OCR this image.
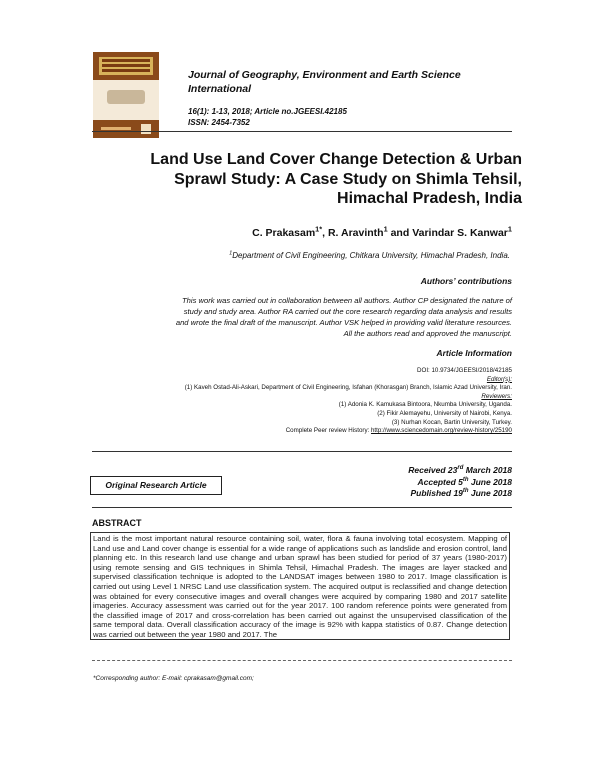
Journal of Geography, Environment and Earth Science International
16(1): 1-13, 2018; Article no.JGEESI.42185
ISSN: 2454-7352
Land Use Land Cover Change Detection & Urban
Sprawl Study: A Case Study on Shimla Tehsil,
Himachal Pradesh, India
C. Prakasam$^{1*}$, R. Aravinth$^1$ and Varindar S. Kanwar$^1$
$^1$Department of Civil Engineering, Chitkara University, Himachal Pradesh, India.
Authors’ contributions
This work was carried out in collaboration between all authors. Author CP designated the nature of
study and study area. Author RA carried out the core research regarding data analysis and results
and wrote the final draft of the manuscript. Author VSK helped in providing valid literature resources.
All the authors read and approved the manuscript.
Article Information
DOI: 10.9734/JGEESI/2018/42185
Editor(s):
(1) Kaveh Ostad-Ali-Askari, Department of Civil Engineering, Isfahan (Khorasgan) Branch, Islamic Azad University, Iran.
Reviewers:
(1) Adonia K. Kamukasa Bintoora, Nkumba University, Uganda.
(2) Fikir Alemayehu, University of Nairobi, Kenya.
(3) Nurhan Kocan, Bartin University, Turkey.
Complete Peer review History: http://www.sciencedomain.org/review-history/25190
Received 23rd March 2018
Accepted 5th June 2018
Published 19th June 2018
Original Research Article
ABSTRACT

Land is the most important natural resource containing soil, water, flora & fauna involving total ecosystem. Mapping of Land use and Land cover change is essential for a wide range of applications such as landslide and erosion control, land planning etc. In this research land use change and urban sprawl has been studied for period of 37 years (1980-2017) using remote sensing and GIS techniques in Shimla Tehsil, Himachal Pradesh. The images are layer stacked and supervised classification technique is adopted to the LANDSAT images between 1980 to 2017. Image classification is carried out using Level 1 NRSC Land use classification system. The acquired output is reclassified and change detection was obtained for every consecutive images and overall changes were acquired by comparing 1980 and 2017 satellite imageries. Accuracy assessment was carried out for the year 2017. 100 random reference points were generated from the classified image of 2017 and cross-correlation has been carried out against the unsupervised classification of the same temporal data. Overall classification accuracy of the image is 92% with kappa statistics of 0.87. Change detection was carried out between the year 1980 and 2017. The

*Corresponding author: E-mail: cprakasam@gmail.com;
